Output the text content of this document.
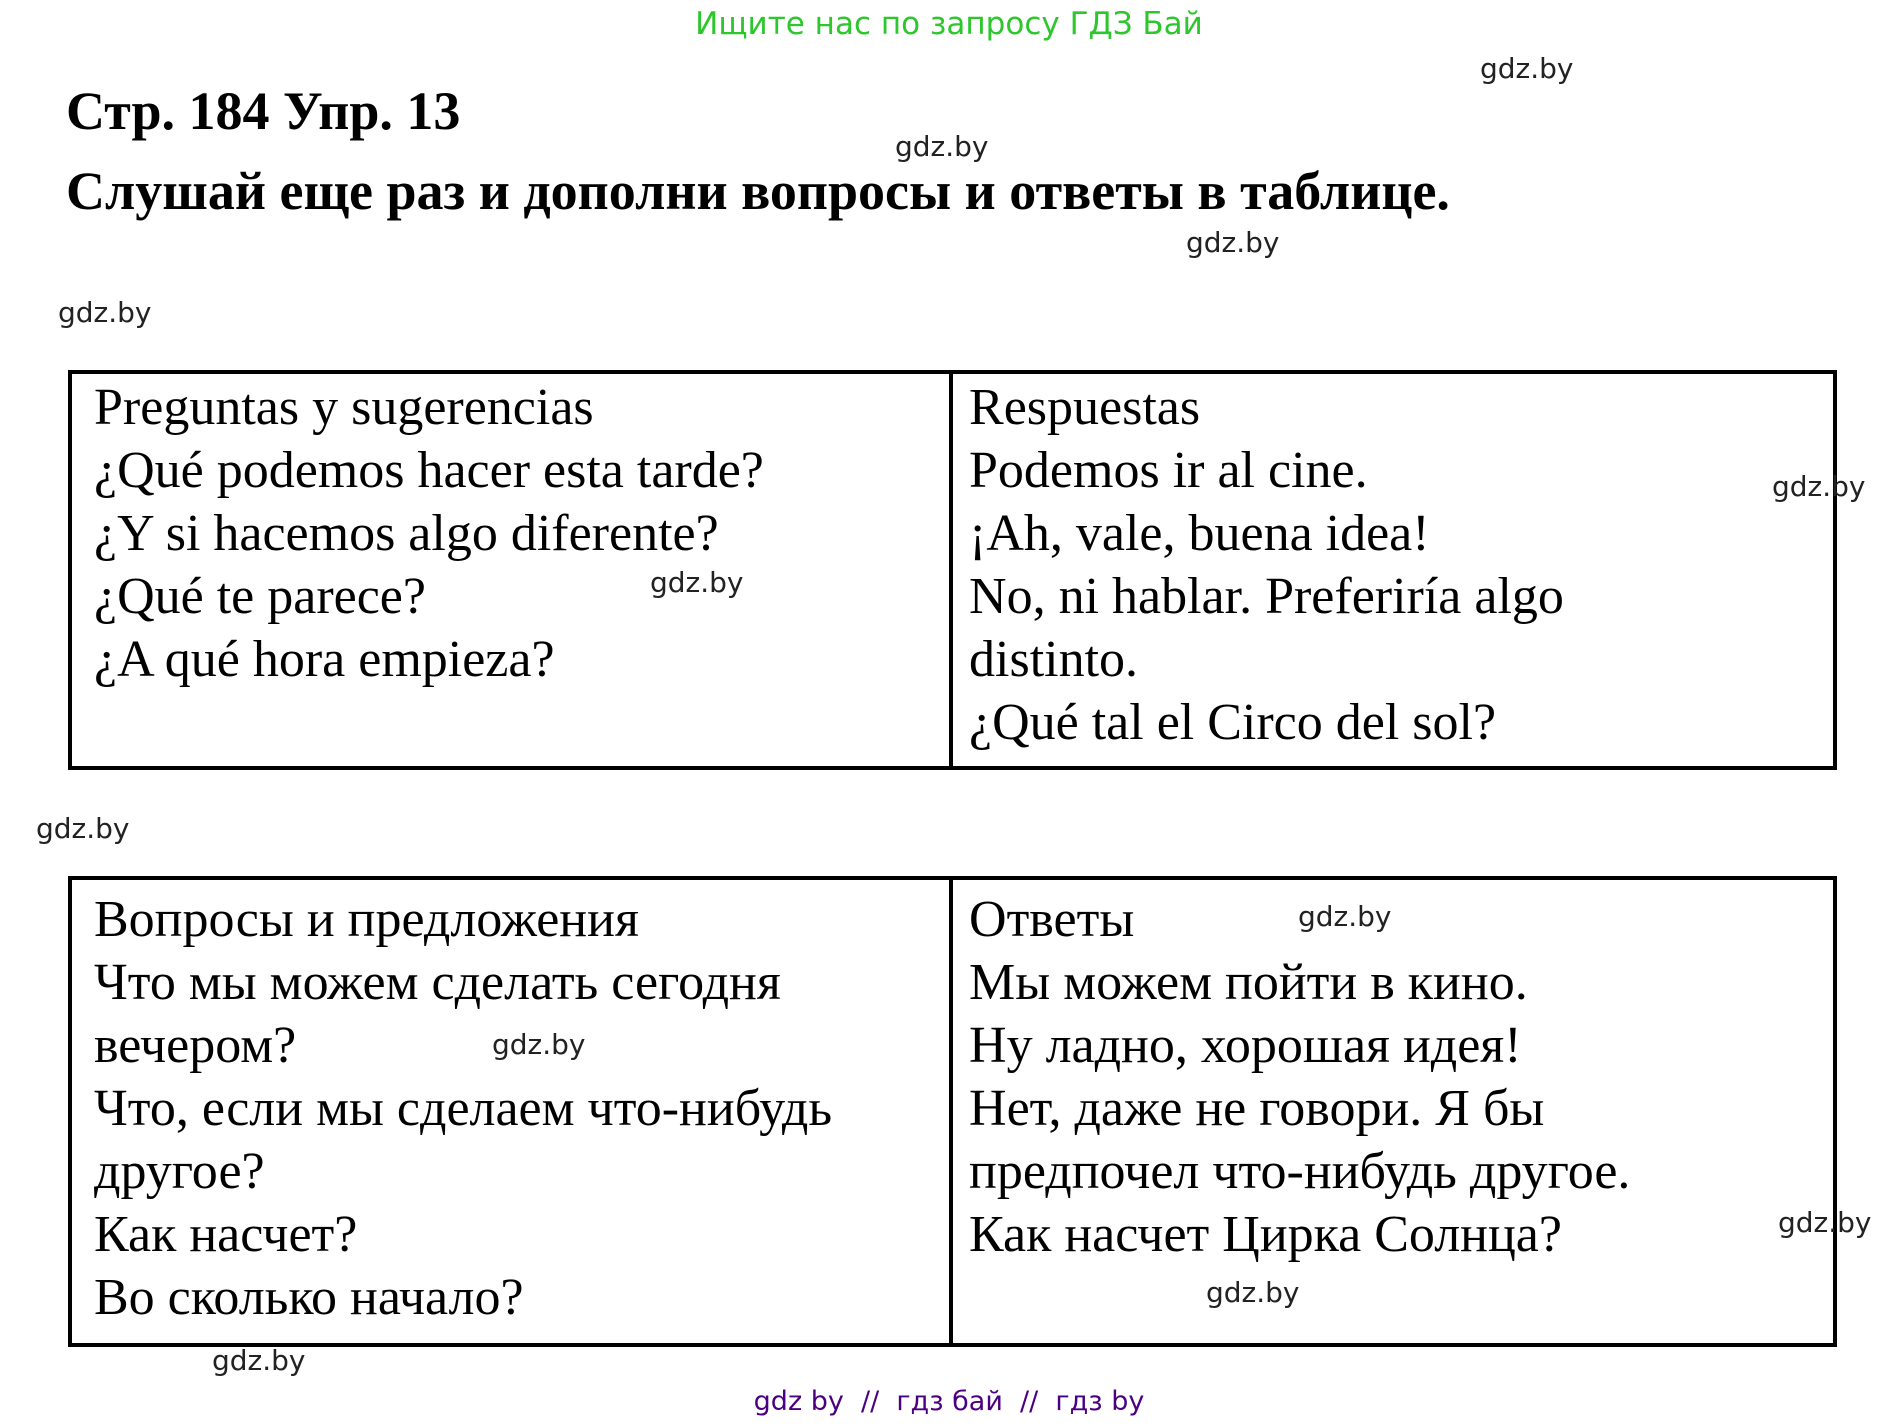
Ищите нас по запросу ГДЗ Бай
gdz.by
gdz.by
gdz.by
gdz.by
gdz.by
gdz.by
gdz.by
gdz.by
gdz.by
gdz.by
gdz.by
gdz.by
Стр. 184 Упр. 13
Слушай еще раз и дополни вопросы и ответы в таблице.
Preguntas y sugerencias
¿Qué podemos hacer esta tarde?
¿Y si hacemos algo diferente?
¿Qué te parece?
¿A qué hora empieza?
Respuestas
Podemos ir al cine.
¡Ah, vale, buena idea!
No, ni hablar. Preferiría algo
distinto.
¿Qué tal el Circo del sol?
Вопросы и предложения
Что мы можем сделать сегодня
вечером?
Что, если мы сделаем что-нибудь
другое?
Как насчет?
Во сколько начало?
Ответы
Мы можем пойти в кино.
Ну ладно, хорошая идея!
Нет, даже не говори. Я бы
предпочел что-нибудь другое.
Как насчет Цирка Солнца?
gdz by  //  гдз бай  //  гдз by
